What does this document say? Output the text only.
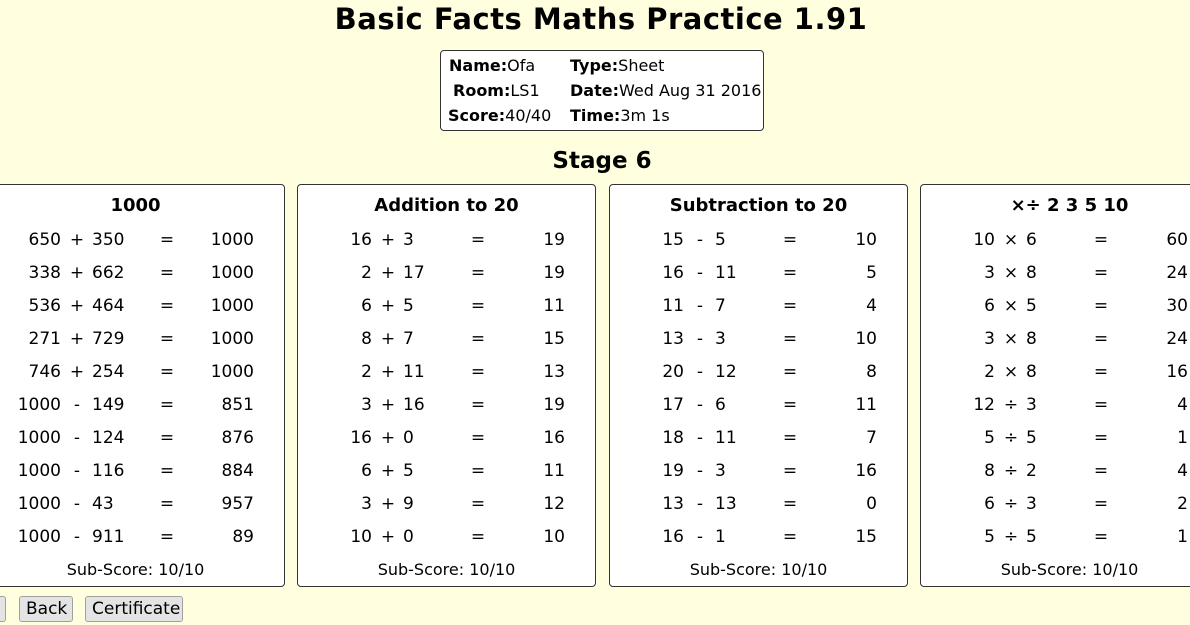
Basic Facts Maths Practice 1.91
Name: Ofa
Room: LS1
Score: 40/40
Type: Sheet
Date: Wed Aug 31 2016
Time: 3m 1s
Stage 6
1000
650 + 350	=	1000
338 + 662	=	1000
536 + 464	=	1000
271 + 729	=	1000
746 + 254	=	1000
1000 - 149	=	851
1000 - 124	=	876
1000 - 116	=	884
1000 - 43	=	957
1000 - 911	=	89
Sub-Score: 10/10
Addition to 20
16 + 3	=	19
2 + 17	=	19
6 + 5	=	11
8 + 7	=	15
2 + 11	=	13
3 + 16	=	19
16 + 0	=	16
6 + 5	=	11
3 + 9	=	12
10 + 0	=	10
Sub-Score: 10/10
Subtraction to 20
15 - 5	=	10
16 - 11	=	5
11 - 7	=	4
13 - 3	=	10
20 - 12	=	8
17 - 6	=	11
18 - 11	=	7
19 - 3	=	16
13 - 13	=	0
16 - 1	=	15
Sub-Score: 10/10
×÷ 2 3 5 10
10 × 6	=	60
3 × 8	=	24
6 × 5	=	30
3 × 8	=	24
2 × 8	=	16
12 ÷ 3	=	4
5 ÷ 5	=	1
8 ÷ 2	=	4
6 ÷ 3	=	2
5 ÷ 5	=	1
Sub-Score: 10/10
Back	Certificate
